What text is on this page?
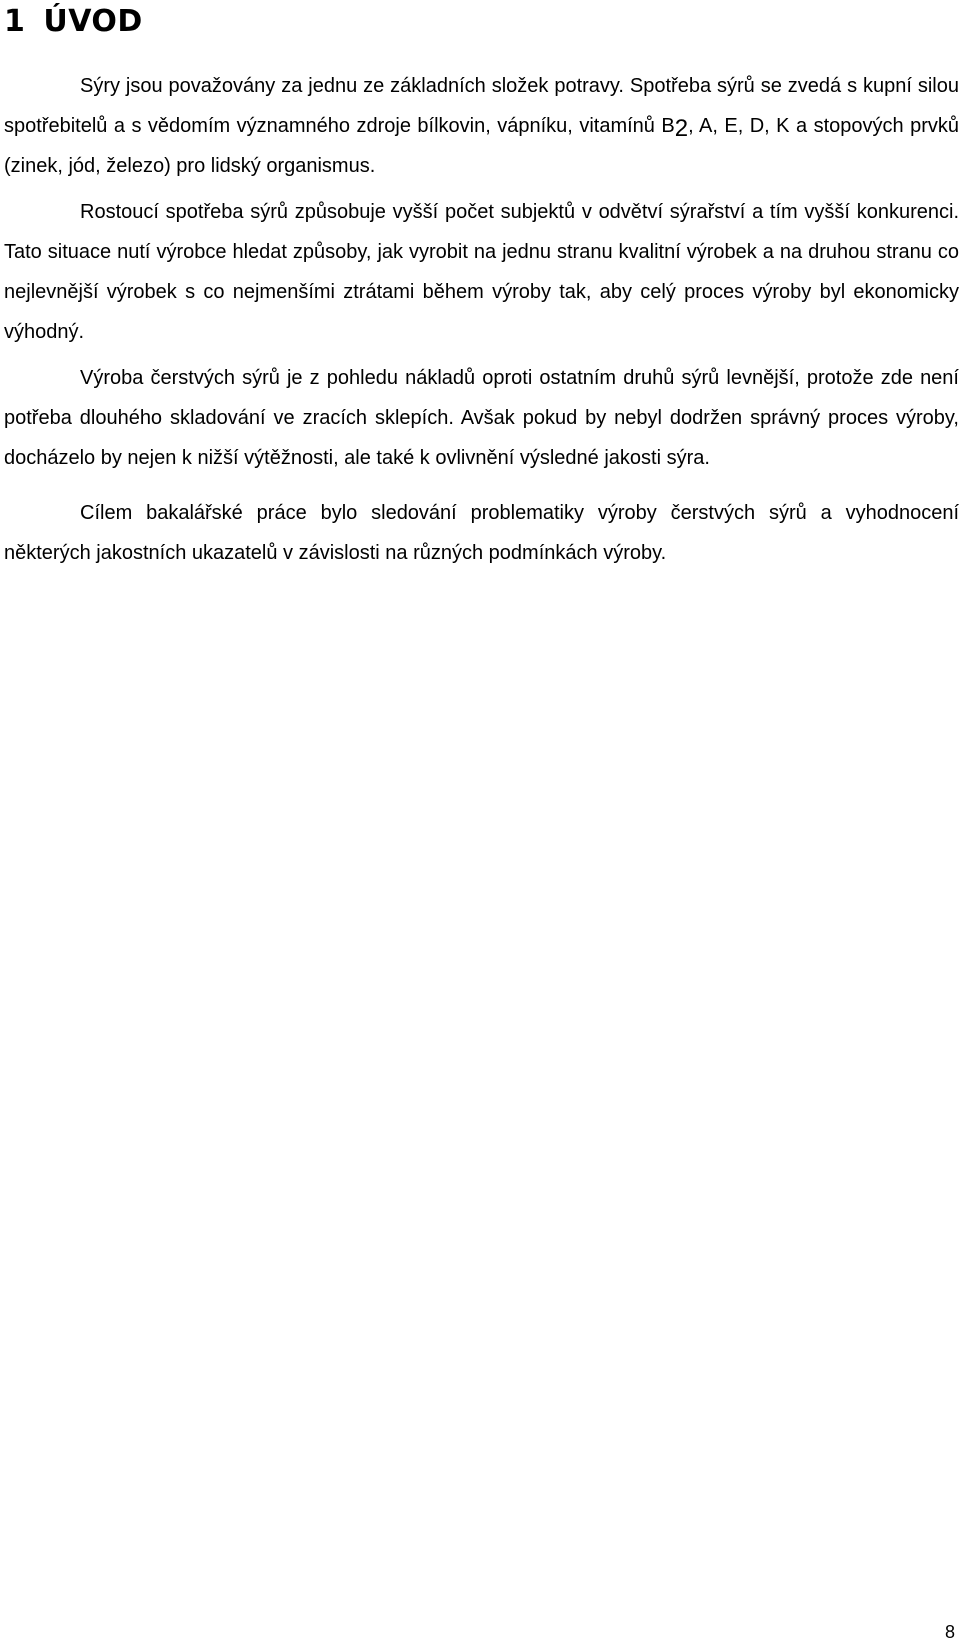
1 ÚVOD

Sýry jsou považovány za jednu ze základních složek potravy. Spotřeba sýrů se zvedá s kupní silou spotřebitelů a s vědomím významného zdroje bílkovin, vápníku, vitamínů B2, A, E, D, K a stopových prvků (zinek, jód, železo) pro lidský organismus.

Rostoucí spotřeba sýrů způsobuje vyšší počet subjektů v odvětví sýrařství a tím vyšší konkurenci. Tato situace nutí výrobce hledat způsoby, jak vyrobit na jednu stranu kvalitní výrobek a na druhou stranu co nejlevnější výrobek s co nejmenšími ztrátami během výroby tak, aby celý proces výroby byl ekonomicky výhodný.

Výroba čerstvých sýrů je z pohledu nákladů oproti ostatním druhů sýrů levnější, protože zde není potřeba dlouhého skladování ve zracích sklepích. Avšak pokud by nebyl dodržen správný proces výroby, docházelo by nejen k nižší výtěžnosti, ale také k ovlivnění výsledné jakosti sýra.

Cílem bakalářské práce bylo sledování problematiky výroby čerstvých sýrů a vyhodnocení některých jakostních ukazatelů v závislosti na různých podmínkách výroby.

8
